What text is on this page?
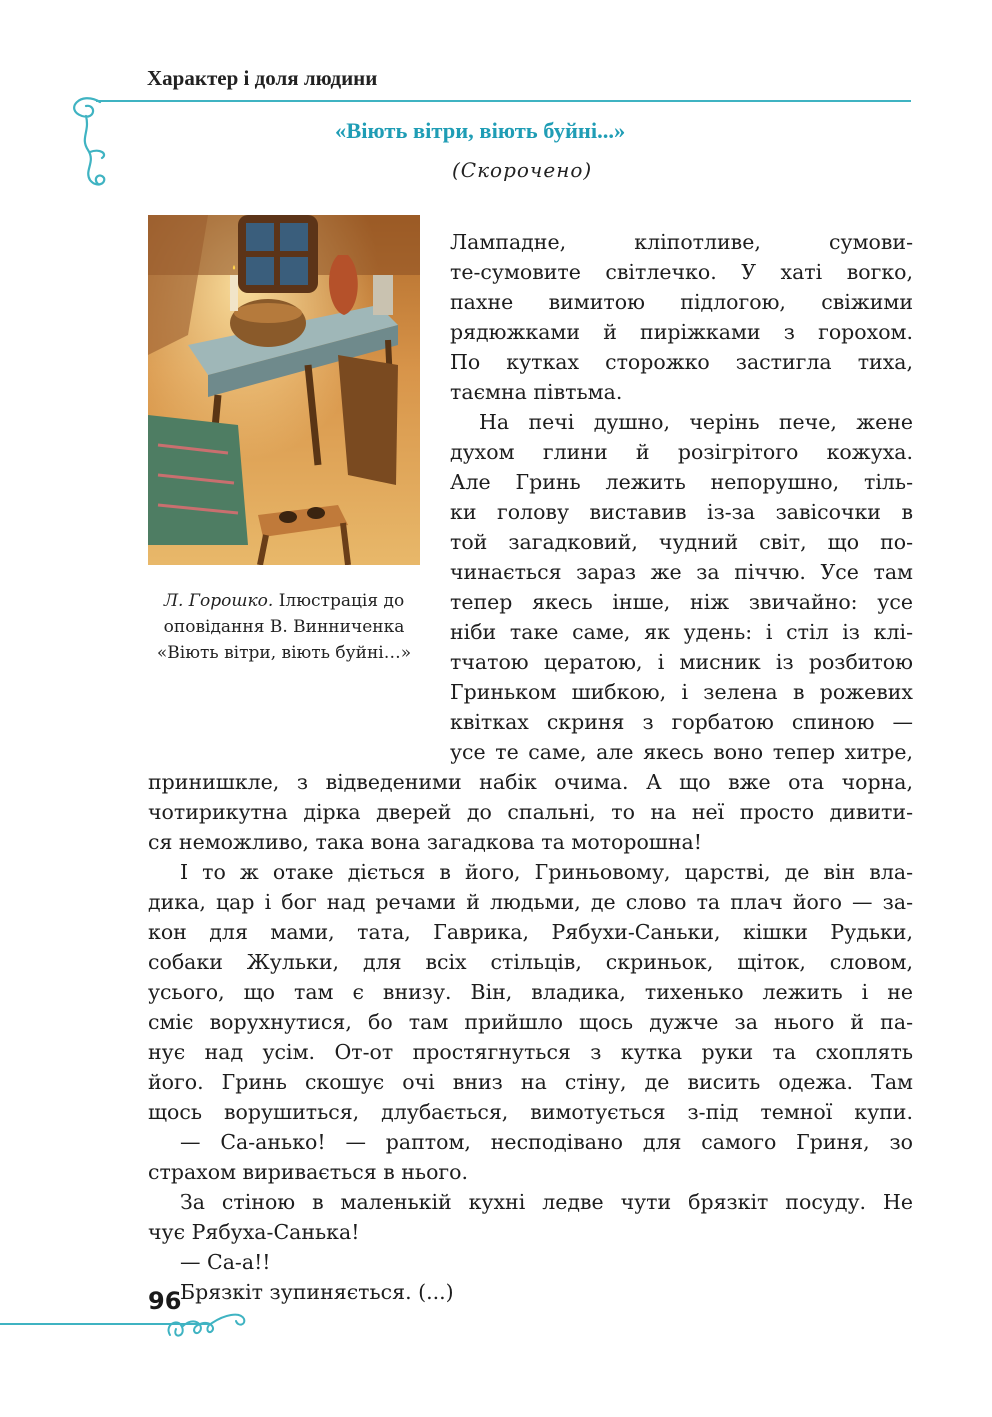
Характер і доля людини
«Віють вітри, віють буйні...»
(Скорочено)
Л. Горошко. Ілюстрація до оповідання В. Винниченка «Віють вітри, віють буйні…»
Лампадне, кліпотливе, сумови-
те-сумовите світлечко. У хаті вогко,
пахне вимитою підлогою, свіжими
рядюжками й пиріжками з горохом.
По кутках сторожко застигла тиха,
таємна півтьма.
На печі душно, черінь пече, жене
духом глини й розігрітого кожуха.
Але Гринь лежить непорушно, тіль-
ки голову виставив із-за завісочки в
той загадковий, чудний світ, що по-
чинається зараз же за піччю. Усе там
тепер якесь інше, ніж звичайно: усе
ніби таке саме, як удень: і стіл із клі-
тчатою цератою, і мисник із розбитою
Гриньком шибкою, і зелена в рожевих
квітках скриня з горбатою спиною —
усе те саме, але якесь воно тепер хитре,
принишкле, з відведеними набік очима. А що вже ота чорна,
чотирикутна дірка дверей до спальні, то на неї просто дивити-
ся неможливо, така вона загадкова та моторошна!
І то ж отаке діється в його, Гриньовому, царстві, де він вла-
дика, цар і бог над речами й людьми, де слово та плач його — за-
кон для мами, тата, Гаврика, Рябухи-Саньки, кішки Рудьки,
собаки Жульки, для всіх стільців, скриньок, щіток, словом,
усього, що там є внизу. Він, владика, тихенько лежить і не
сміє ворухнутися, бо там прийшло щось дужче за нього й па-
нує над усім. От-от простягнуться з кутка руки та схоплять
його. Гринь скошує очі вниз на стіну, де висить одежа. Там
щось ворушиться, длубається, вимотується з-під темної купи.
— Са-анько! — раптом, несподівано для самого Гриня, зо
страхом виривається в нього.
За стіною в маленькій кухні ледве чути брязкіт посуду. Не
чує Рябуха-Санька!
— Са-а!!
Брязкіт зупиняється. (...)
96
